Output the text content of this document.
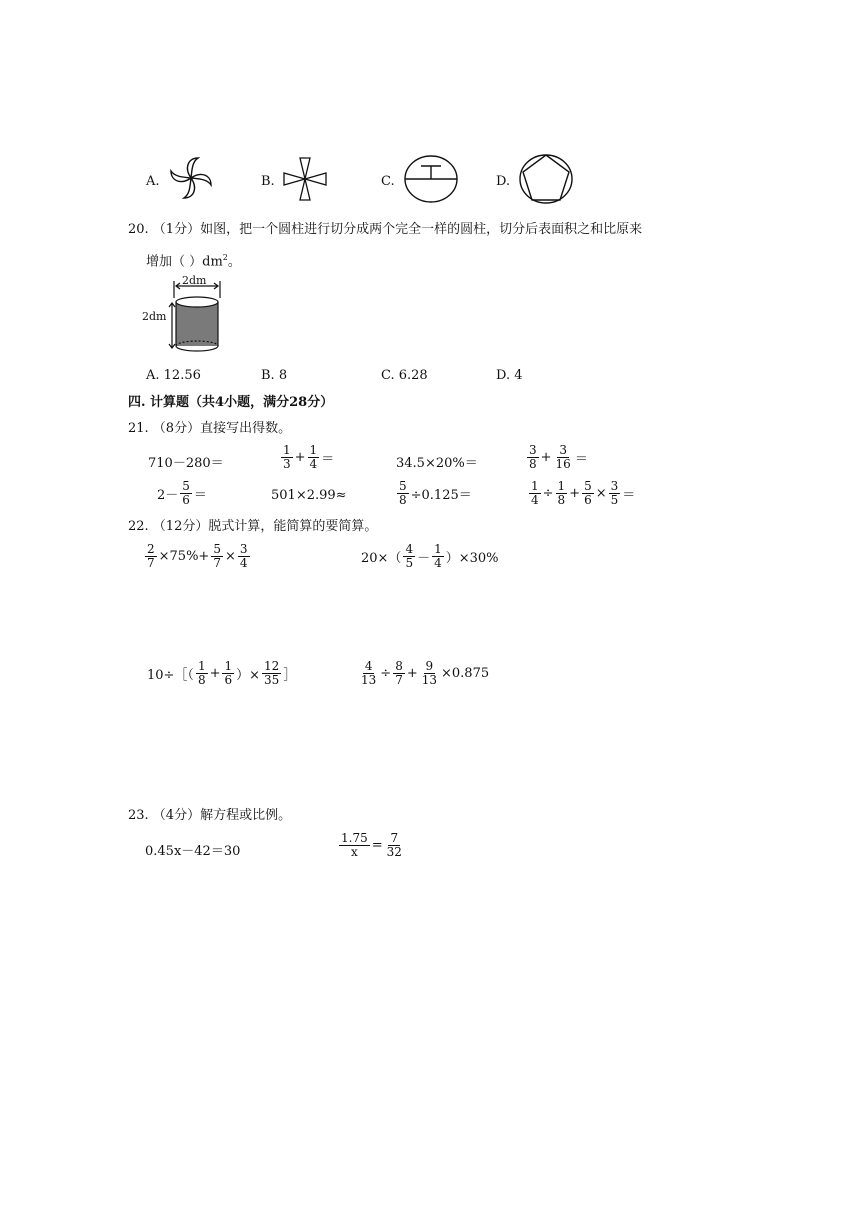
A.	B.	C.	D.
20. （1分）如图，把一个圆柱进行切分成两个完全一样的圆柱，切分后表面积之和比原来
增加（ ）$dm^2$。
2dm
2dm
A. 12.56	B. 8	C. 6.28	D. 4
四. 计算题（共4小题，满分28分）
21. （8分）直接写出得数。
710－280＝	$\frac{1}{3} + \frac{1}{4}$ ＝	34.5×20%＝	$\frac{3}{8} + \frac{3}{16}$ ＝
$2- \frac{5}{6}$ ＝	501×2.99≈	$\frac{5}{8} \div 0.125=$	$\frac{1}{4} \div \frac{1}{8} + \frac{5}{6} \times \frac{3}{5}$ ＝
22. （12分）脱式计算，能简算的要简算。
$\frac{2}{7} \times 75\%+ \frac{5}{7} \times \frac{3}{4}$	$20\times( \frac{4}{5} - \frac{1}{4} )\times 30\%$
10÷［（ $\frac{1}{8} + \frac{1}{6}$ ）× $\frac{12}{35}$ ］	$\frac{4}{13} \div \frac{8}{7} + \frac{9}{13} \times 0.875$
23. （4分）解方程或比例。
0.45x－42＝30	$\frac{1.75}{x} = \frac{7}{32}$
